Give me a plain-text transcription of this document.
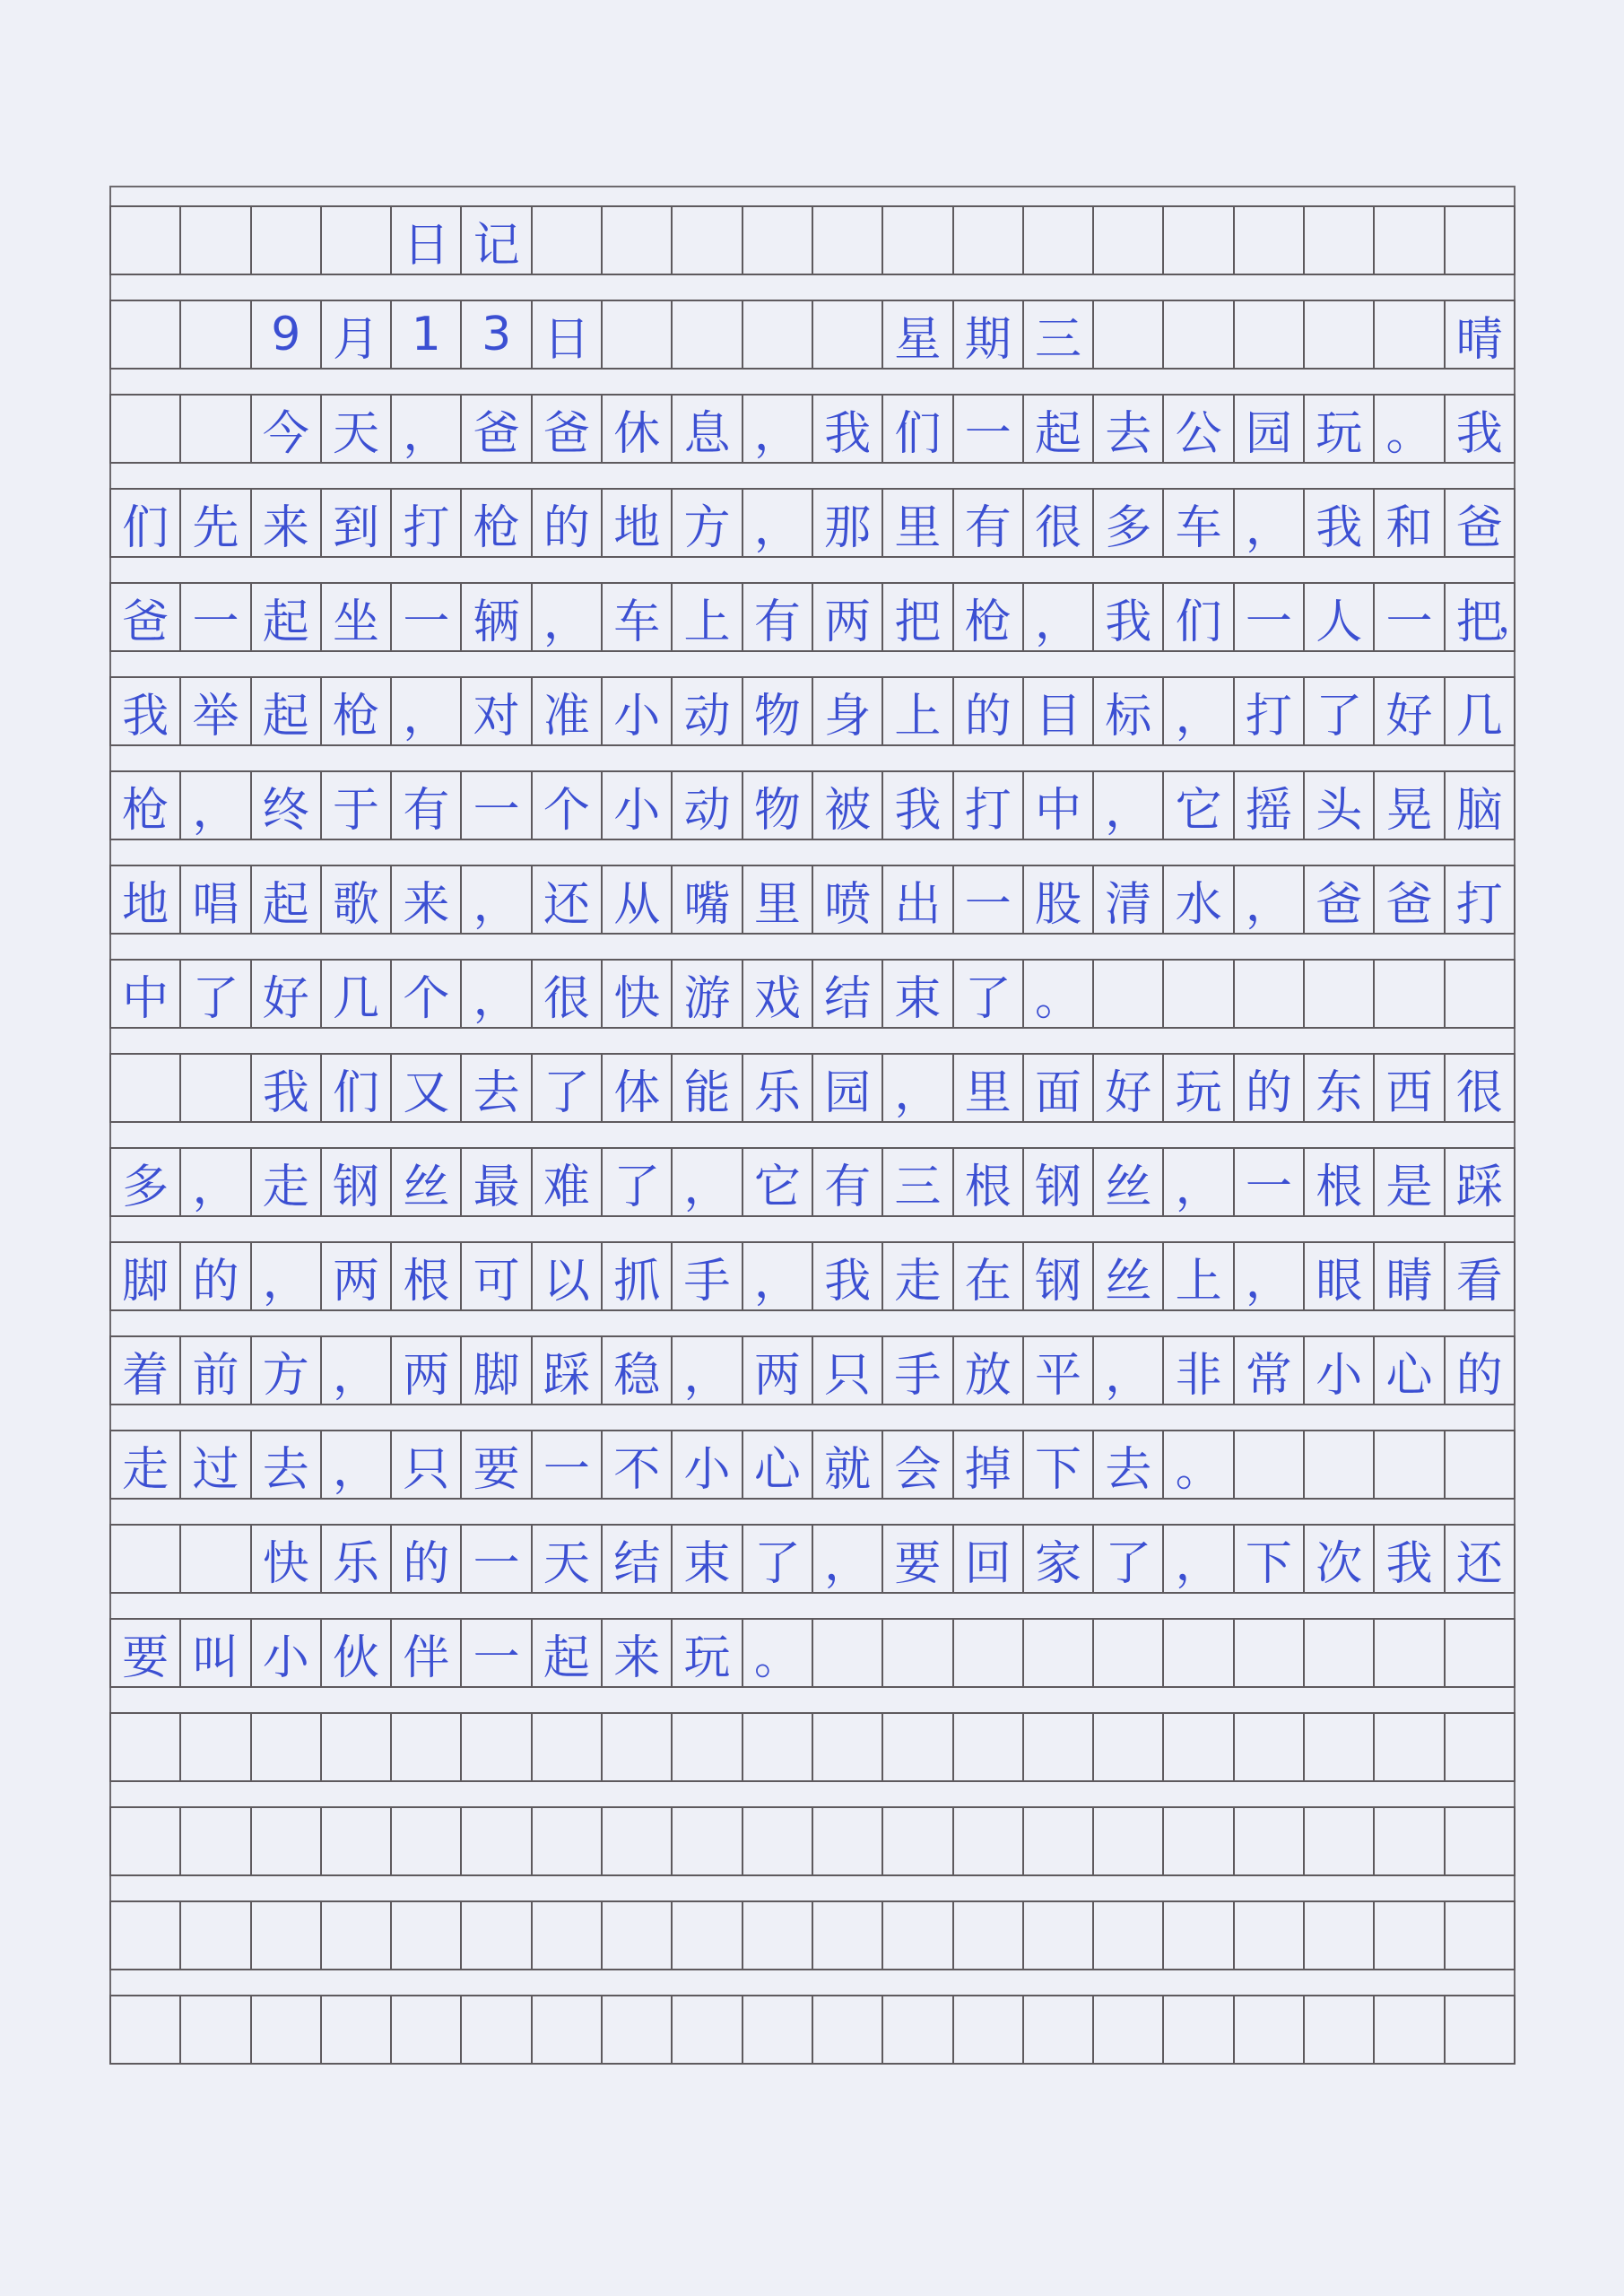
日 记
9 月 1 3 日	星 期 三	晴
今 天 ， 爸 爸 休 息 ， 我 们 一 起 去 公 园 玩 。 我
们 先 来 到 打 枪 的 地 方 ， 那 里 有 很 多 车 ， 我 和 爸
爸 一 起 坐 一 辆 ， 车 上 有 两 把 枪 ， 我 们 一 人 一 把
，
我 举 起 枪 ， 对 准 小 动 物 身 上 的 目 标 ， 打 了 好 几
枪 ， 终 于 有 一 个 小 动 物 被 我 打 中 ， 它 摇 头 晃 脑
地 唱 起 歌 来 ， 还 从 嘴 里 喷 出 一 股 清 水 ， 爸 爸 打
中 了 好 几 个 ， 很 快 游 戏 结 束 了 。
我 们 又 去 了 体 能 乐 园 ， 里 面 好 玩 的 东 西 很
多 ， 走 钢 丝 最 难 了 ， 它 有 三 根 钢 丝 ， 一 根 是 踩
脚 的 ， 两 根 可 以 抓 手 ， 我 走 在 钢 丝 上 ， 眼 睛 看
着 前 方 ， 两 脚 踩 稳 ， 两 只 手 放 平 ， 非 常 小 心 的
走 过 去 ， 只 要 一 不 小 心 就 会 掉 下 去 。
快 乐 的 一 天 结 束 了 ， 要 回 家 了 ， 下 次 我 还
要 叫 小 伙 伴 一 起 来 玩 。
